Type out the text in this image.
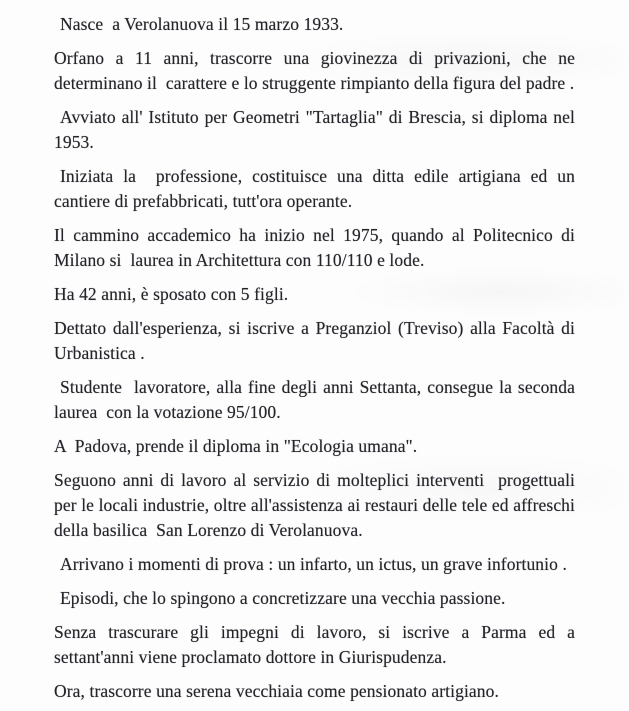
Nasce  a Verolanuova il 15 marzo 1933.

Orfano a 11 anni, trascorre una giovinezza di privazioni, che ne determinano il  carattere e lo struggente rimpianto della figura del padre .

Avviato all' Istituto per Geometri "Tartaglia" di Brescia, si diploma nel 1953.

Iniziata la  professione, costituisce una ditta edile artigiana ed un cantiere di prefabbricati, tutt'ora operante.

Il cammino accademico ha inizio nel 1975, quando al Politecnico di Milano si  laurea in Architettura con 110/110 e lode.

Ha 42 anni, è sposato con 5 figli.

Dettato dall'esperienza, si iscrive a Preganziol (Treviso) alla Facoltà di Urbanistica .

Studente  lavoratore, alla fine degli anni Settanta, consegue la seconda laurea  con la votazione 95/100.

A  Padova, prende il diploma in "Ecologia umana".

Seguono anni di lavoro al servizio di molteplici interventi  progettuali per le locali industrie, oltre all'assistenza ai restauri delle tele ed affreschi della basilica  San Lorenzo di Verolanuova.

Arrivano i momenti di prova : un infarto, un ictus, un grave infortunio .

Episodi, che lo spingono a concretizzare una vecchia passione.

Senza trascurare gli impegni di lavoro, si iscrive a Parma ed a settant'anni viene proclamato dottore in Giurispudenza.

Ora, trascorre una serena vecchiaia come pensionato artigiano.
